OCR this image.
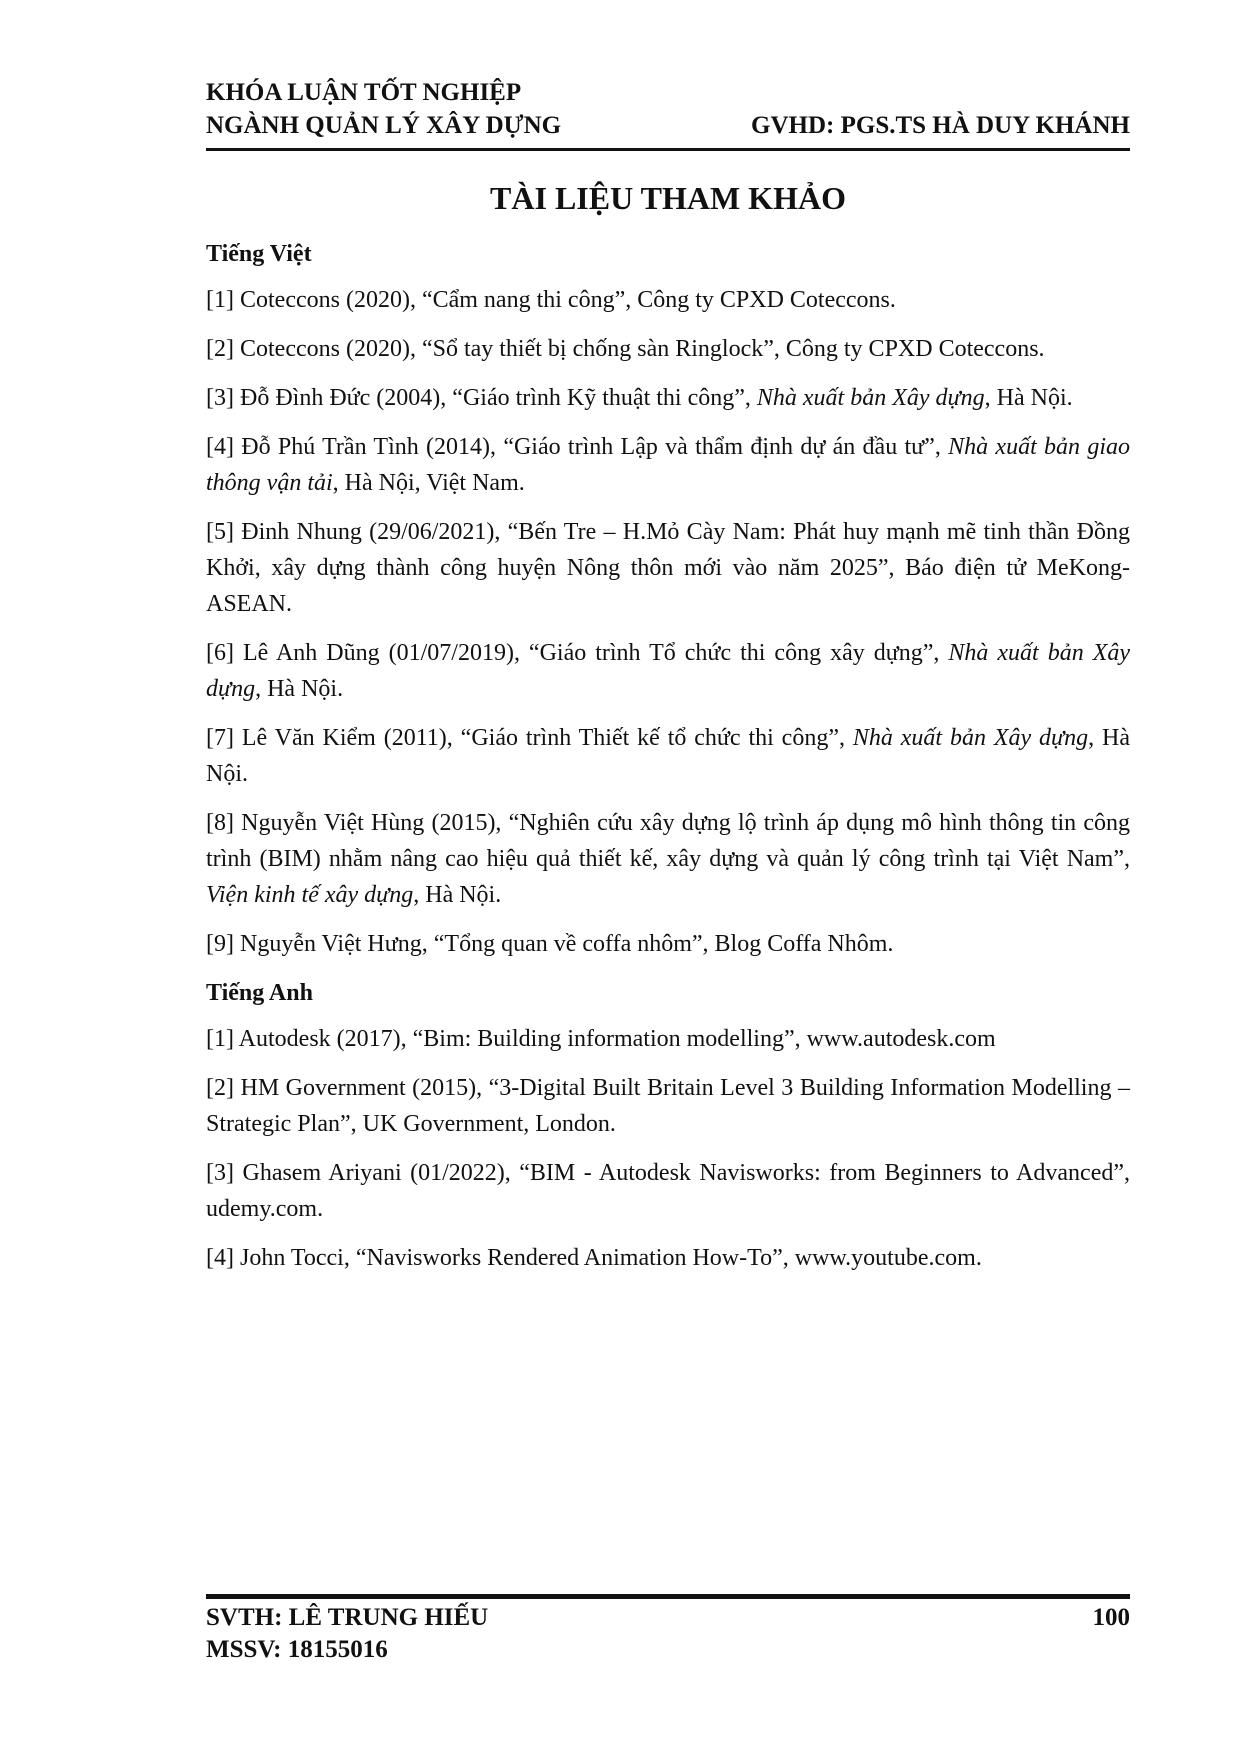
KHÓA LUẬN TỐT NGHIỆP
NGÀNH QUẢN LÝ XÂY DỰNG	GVHD: PGS.TS HÀ DUY KHÁNH
TÀI LIỆU THAM KHẢO
Tiếng Việt
[1] Coteccons (2020), “Cẩm nang thi công”, Công ty CPXD Coteccons.
[2] Coteccons (2020), “Sổ tay thiết bị chống sàn Ringlock”, Công ty CPXD Coteccons.
[3] Đỗ Đình Đức (2004), “Giáo trình Kỹ thuật thi công”, Nhà xuất bản Xây dựng, Hà Nội.
[4] Đỗ Phú Trần Tình (2014), “Giáo trình Lập và thẩm định dự án đầu tư”, Nhà xuất bản giao thông vận tải, Hà Nội, Việt Nam.
[5] Đinh Nhung (29/06/2021), “Bến Tre – H.Mỏ Cày Nam: Phát huy mạnh mẽ tinh thần Đồng Khởi, xây dựng thành công huyện Nông thôn mới vào năm 2025”, Báo điện tử MeKong- ASEAN.
[6] Lê Anh Dũng (01/07/2019), “Giáo trình Tổ chức thi công xây dựng”, Nhà xuất bản Xây dựng, Hà Nội.
[7] Lê Văn Kiểm (2011), “Giáo trình Thiết kế tổ chức thi công”, Nhà xuất bản Xây dựng, Hà Nội.
[8] Nguyễn Việt Hùng (2015), “Nghiên cứu xây dựng lộ trình áp dụng mô hình thông tin công trình (BIM) nhằm nâng cao hiệu quả thiết kế, xây dựng và quản lý công trình tại Việt Nam”, Viện kinh tế xây dựng, Hà Nội.
[9] Nguyễn Việt Hưng, “Tổng quan về coffa nhôm”, Blog Coffa Nhôm.
Tiếng Anh
[1] Autodesk (2017), “Bim: Building information modelling”, www.autodesk.com
[2] HM Government (2015), “3-Digital Built Britain Level 3 Building Information Modelling – Strategic Plan”, UK Government, London.
[3] Ghasem Ariyani (01/2022), “BIM - Autodesk Navisworks: from Beginners to Advanced”, udemy.com.
[4] John Tocci, “Navisworks Rendered Animation How-To”, www.youtube.com.
SVTH: LÊ TRUNG HIẾU	100
MSSV: 18155016
